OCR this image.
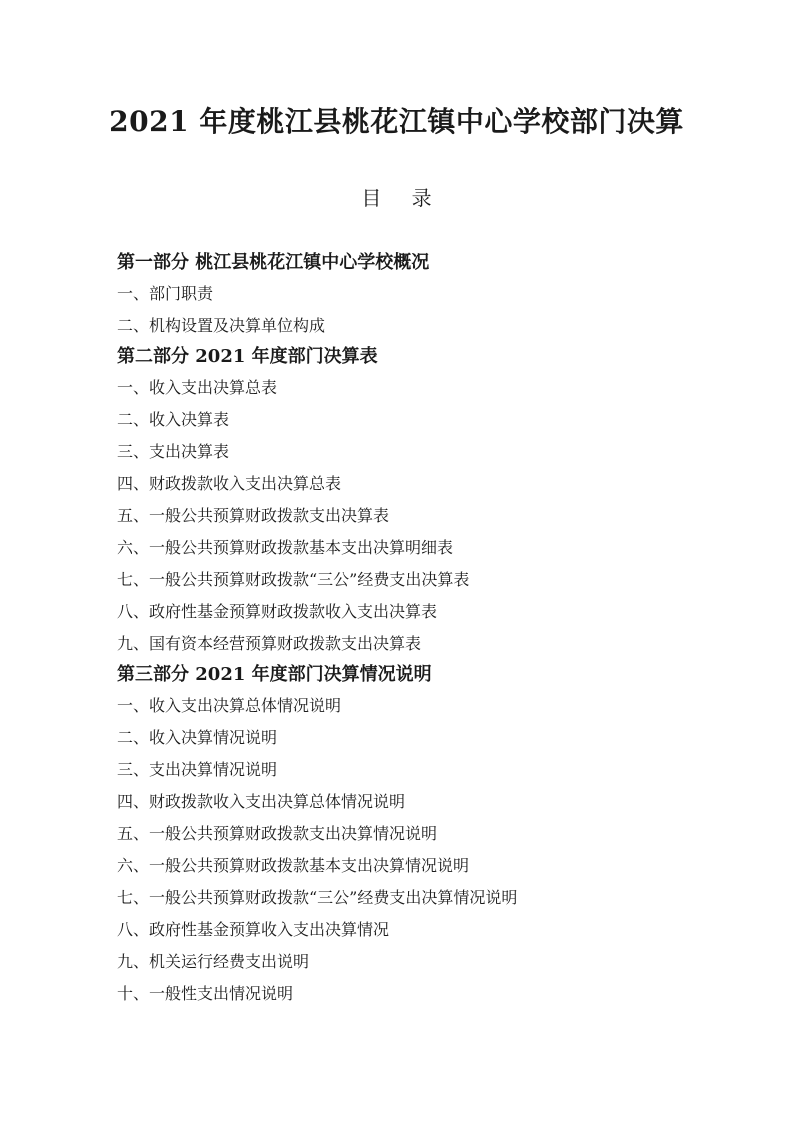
2021 年度桃江县桃花江镇中心学校部门决算
目 录
第一部分 桃江县桃花江镇中心学校概况
一、部门职责
二、机构设置及决算单位构成
第二部分 2021 年度部门决算表
一、收入支出决算总表
二、收入决算表
三、支出决算表
四、财政拨款收入支出决算总表
五、一般公共预算财政拨款支出决算表
六、一般公共预算财政拨款基本支出决算明细表
七、一般公共预算财政拨款“三公”经费支出决算表
八、政府性基金预算财政拨款收入支出决算表
九、国有资本经营预算财政拨款支出决算表
第三部分 2021 年度部门决算情况说明
一、收入支出决算总体情况说明
二、收入决算情况说明
三、支出决算情况说明
四、财政拨款收入支出决算总体情况说明
五、一般公共预算财政拨款支出决算情况说明
六、一般公共预算财政拨款基本支出决算情况说明
七、一般公共预算财政拨款“三公”经费支出决算情况说明
八、政府性基金预算收入支出决算情况
九、机关运行经费支出说明
十、一般性支出情况说明
